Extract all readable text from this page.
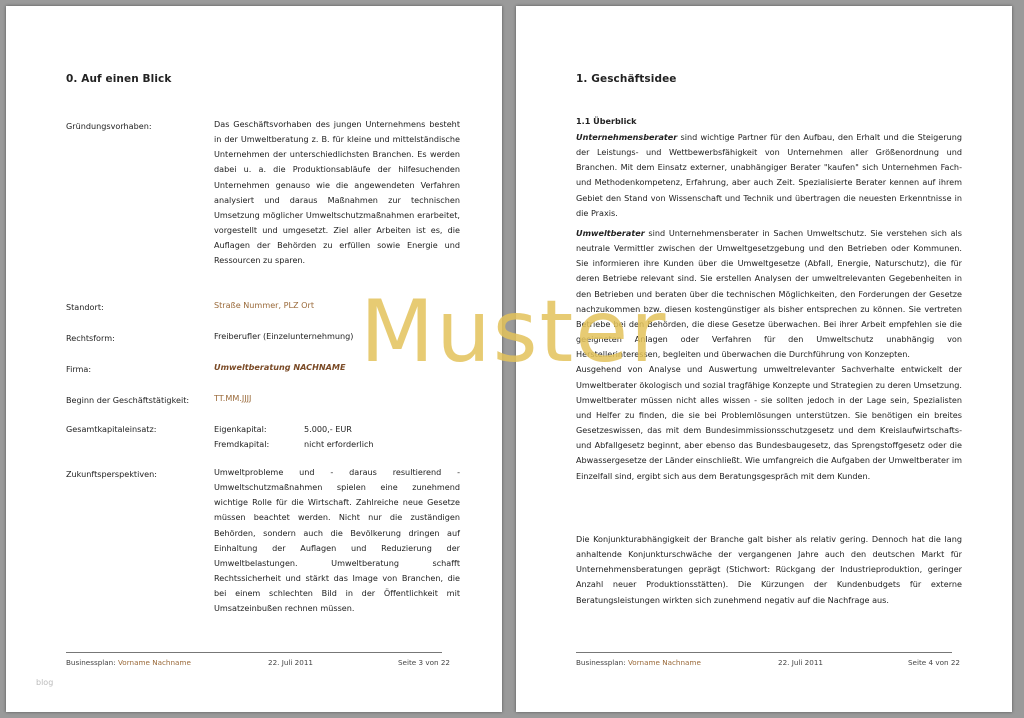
0. Auf einen Blick
Gründungsvorhaben:	Das Geschäftsvorhaben des jungen Unternehmens besteht in der Umweltberatung z. B. für kleine und mittelständische Unternehmen der unterschiedlichsten Branchen. Es werden dabei u. a. die Produktionsabläufe der hilfesuchenden Unternehmen genauso wie die angewendeten Verfahren analysiert und daraus Maßnahmen zur technischen Umsetzung möglicher Umweltschutzmaßnahmen erarbeitet, vorgestellt und umgesetzt. Ziel aller Arbeiten ist es, die Auflagen der Behörden zu erfüllen sowie Energie und Ressourcen zu sparen.
Standort:	Straße Nummer, PLZ Ort
Rechtsform:	Freiberufler (Einzelunternehmung)
Firma:	Umweltberatung NACHNAME
Beginn der Geschäftstätigkeit:	TT.MM.JJJJ
Gesamtkapitaleinsatz:	Eigenkapital:	5.000,- EUR
Fremdkapital:	nicht erforderlich
Zukunftsperspektiven:	Umweltprobleme und - daraus resultierend - Umweltschutzmaßnahmen spielen eine zunehmend wichtige Rolle für die Wirtschaft. Zahlreiche neue Gesetze müssen beachtet werden. Nicht nur die zuständigen Behörden, sondern auch die Bevölkerung dringen auf Einhaltung der Auflagen und Reduzierung der Umweltbelastungen. Umweltberatung schafft Rechtssicherheit und stärkt das Image von Branchen, die bei einem schlechten Bild in der Öffentlichkeit mit Umsatzeinbußen rechnen müssen.
Businessplan: Vorname Nachname	22. Juli 2011	Seite 3 von 22
blog
1. Geschäftsidee
1.1 Überblick

Unternehmensberater sind wichtige Partner für den Aufbau, den Erhalt und die Steigerung der Leistungs- und Wettbewerbsfähigkeit von Unternehmen aller Größenordnung und Branchen. Mit dem Einsatz externer, unabhängiger Berater "kaufen" sich Unternehmen Fach- und Methodenkompetenz, Erfahrung, aber auch Zeit. Spezialisierte Berater kennen auf ihrem Gebiet den Stand von Wissenschaft und Technik und übertragen die neuesten Erkenntnisse in die Praxis.

Umweltberater sind Unternehmensberater in Sachen Umweltschutz. Sie verstehen sich als neutrale Vermittler zwischen der Umweltgesetzgebung und den Betrieben oder Kommunen. Sie informieren ihre Kunden über die Umweltgesetze (Abfall, Energie, Naturschutz), die für deren Betriebe relevant sind. Sie erstellen Analysen der umweltrelevanten Gegebenheiten in den Betrieben und beraten über die technischen Möglichkeiten, den Forderungen der Gesetze nachzukommen bzw. diesen kostengünstiger als bisher entsprechen zu können. Sie vertreten Betriebe bei den Behörden, die diese Gesetze überwachen. Bei ihrer Arbeit empfehlen sie die geeigneten Anlagen oder Verfahren für den Umweltschutz unabhängig von Herstellerinteressen, begleiten und überwachen die Durchführung von Konzepten.

Ausgehend von Analyse und Auswertung umweltrelevanter Sachverhalte entwickelt der Umweltberater ökologisch und sozial tragfähige Konzepte und Strategien zu deren Umsetzung. Umweltberater müssen nicht alles wissen - sie sollten jedoch in der Lage sein, Spezialisten und Helfer zu finden, die sie bei Problemlösungen unterstützen. Sie benötigen ein breites Gesetzeswissen, das mit dem Bundesimmissionsschutzgesetz und dem Kreislaufwirtschafts- und Abfallgesetz beginnt, aber ebenso das Bundesbaugesetz, das Sprengstoffgesetz oder die Abwassergesetze der Länder einschließt. Wie umfangreich die Aufgaben der Umweltberater im Einzelfall sind, ergibt sich aus dem Beratungsgespräch mit dem Kunden.

Die Konjunkturabhängigkeit der Branche galt bisher als relativ gering. Dennoch hat die lang anhaltende Konjunkturschwäche der vergangenen Jahre auch den deutschen Markt für Unternehmensberatungen geprägt (Stichwort: Rückgang der Industrieproduktion, geringer Anzahl neuer Produktionsstätten). Die Kürzungen der Kundenbudgets für externe Beratungsleistungen wirkten sich zunehmend negativ auf die Nachfrage aus.
Businessplan: Vorname Nachname	22. Juli 2011	Seite 4 von 22
Muster
